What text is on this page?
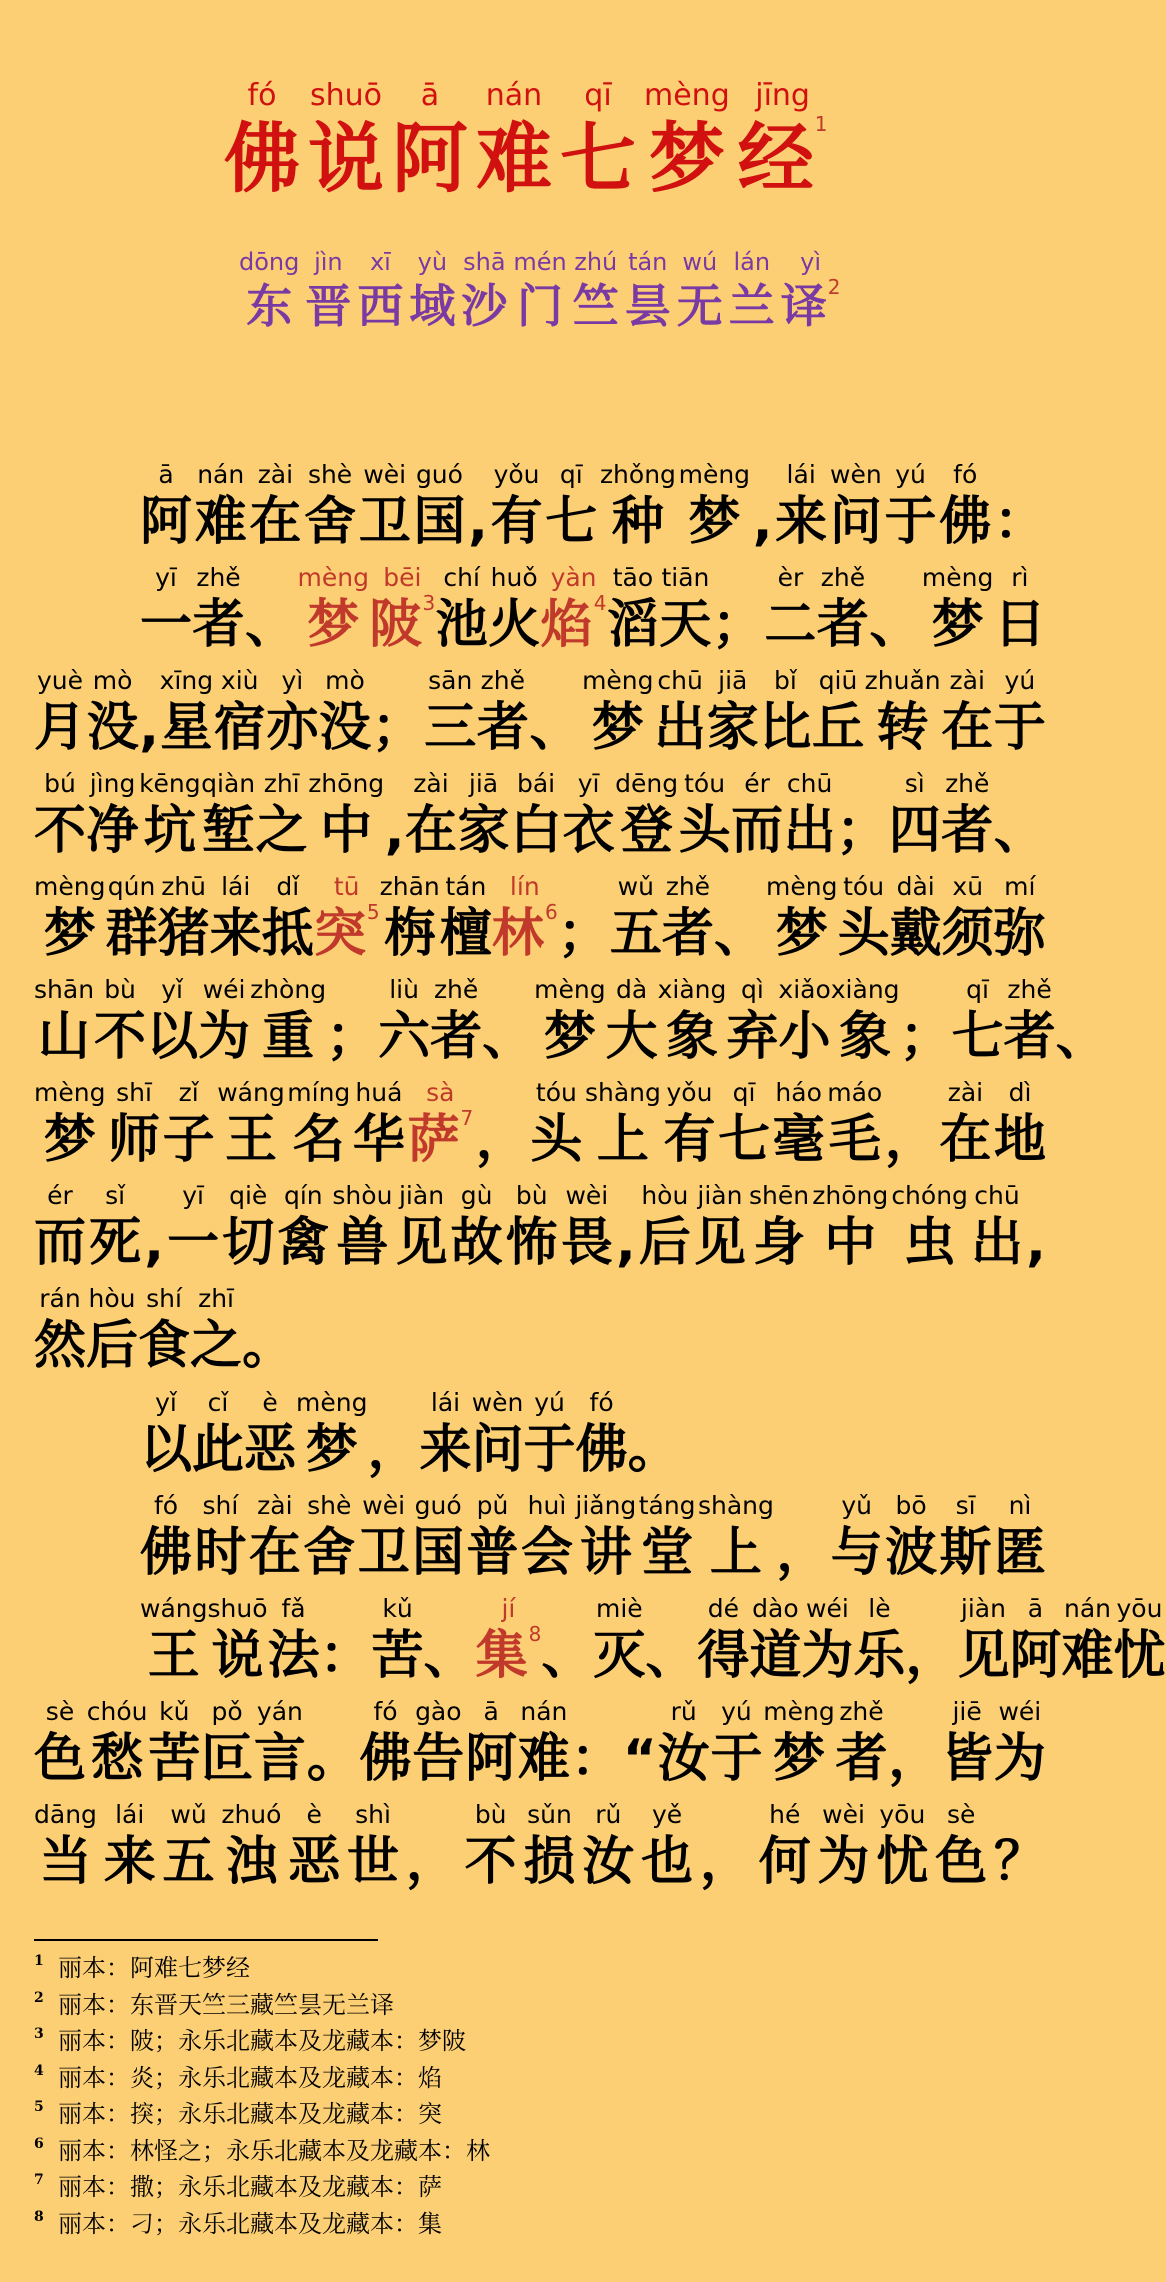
fó
佛
shuō
说
ā
阿
nán
难
qī
七
mèng
梦
jīng
经$^1$
dōng
东
jìn
晋
xī
西
yù
域
shā
沙
mén
门
zhú
竺
tán
昙
wú
无
lán
兰
yì
译$^2$
ā
阿
nán
难
zài
在
shè
舍
wèi
卫
guó
国 ,
yǒu
有
qī
七
zhǒng
种
mèng
梦 ,
lái
来
wèn
问
yú
于
fó
佛 ：
yī
一
zhě
者 、
mèng
梦
bēi
陂$^3$
chí
池
huǒ
火
yàn
焰$^4$
tāo
滔
tiān
天 ；
èr
二
zhě
者 、
mèng
梦
rì
日
yuè
月
mò
没 ,
xīng
星
xiù
宿
yì
亦
mò
没 ；
sān
三
zhě
者 、
mèng
梦
chū
出
jiā
家
bǐ
比
qiū
丘
zhuǎn
转
zài
在
yú
于
bú
不
jìng
净
kēng
坑
qiàn
堑
zhī
之
zhōng
中 ,
zài
在
jiā
家
bái
白
yī
衣
dēng
登
tóu
头
ér
而
chū
出 ；
sì
四
zhě
者 、
mèng
梦
qún
群
zhū
猪
lái
来
dǐ
抵
tū
突$^5$
zhān
栴
tán
檀
lín
林$^6$ ；
wǔ
五
zhě
者 、
mèng
梦
tóu
头
dài
戴
xū
须
mí
弥
shān
山
bù
不
yǐ
以
wéi
为
zhòng
重 ；
liù
六
zhě
者 、
mèng
梦
dà
大
xiàng
象
qì
弃
xiǎo
小
xiàng
象 ；
qī
七
zhě
者 、
mèng
梦
shī
师
zǐ
子
wáng
王
míng
名
huá
华
sà
萨$^7$ ，
tóu
头
shàng
上
yǒu
有
qī
七
háo
毫
máo
毛 ，
zài
在
dì
地
ér
而
sǐ
死 ,
yī
一
qiè
切
qín
禽
shòu
兽
jiàn
见
gù
故
bù
怖
wèi
畏 ,
hòu
后
jiàn
见
shēn
身
zhōng
中
chóng
虫
chū
出 ,
rán
然
hòu
后
shí
食
zhī
之 。
yǐ
以
cǐ
此
è
恶
mèng
梦 ，
lái
来
wèn
问
yú
于
fó
佛 。
fó
佛
shí
时
zài
在
shè
舍
wèi
卫
guó
国
pǔ
普
huì
会
jiǎng
讲
táng
堂
shàng
上 ，
yǔ
与
bō
波
sī
斯
nì
匿
wáng
王
shuō
说
fǎ
法 ：
kǔ
苦 、
jí
集$^8$ 、
miè
灭 、
dé
得
dào
道
wéi
为
lè
乐 ，
jiàn
见
ā
阿
nán
难
yōu
忧
sè
色
chóu
愁
kǔ
苦
pǒ
叵
yán
言 。
fó
佛
gào
告
ā
阿
nán
难 ：“
rǔ
汝
yú
于
mèng
梦
zhě
者 ，
jiē
皆
wéi
为
dāng
当
lái
来
wǔ
五
zhuó
浊
è
恶
shì
世 ，
bù
不
sǔn
损
rǔ
汝
yě
也 ，
hé
何
wèi
为
yōu
忧
sè
色 ？
1 丽本：阿难七梦经
2 丽本：东晋天竺三藏竺昙无兰译
3 丽本：陂；永乐北藏本及龙藏本：梦陂
4 丽本：炎；永乐北藏本及龙藏本：焰
5 丽本：揬；永乐北藏本及龙藏本：突
6 丽本：林怪之；永乐北藏本及龙藏本：林
7 丽本：撒；永乐北藏本及龙藏本：萨
8 丽本：刁；永乐北藏本及龙藏本：集
